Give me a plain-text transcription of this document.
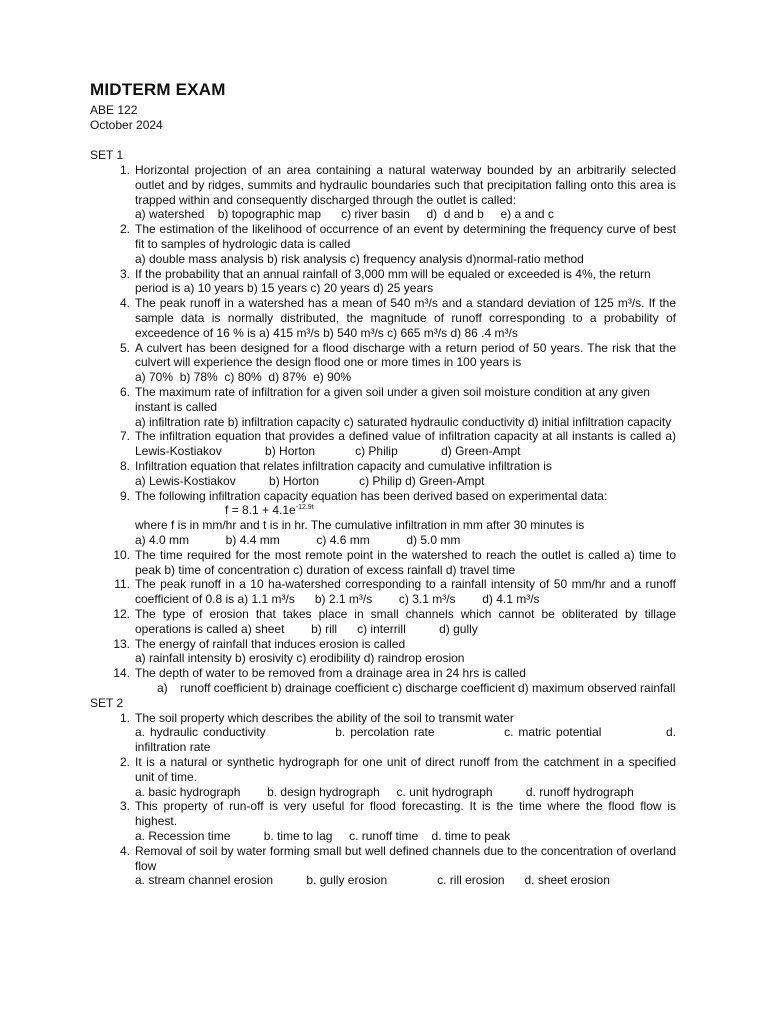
MIDTERM EXAM
ABE 122
October 2024
SET 1
1. Horizontal projection of an area containing a natural waterway bounded by an arbitrarily selected outlet and by ridges, summits and hydraulic boundaries such that precipitation falling onto this area is trapped within and consequently discharged through the outlet is called:
a) watershed    b) topographic map      c) river basin     d)  d and b     e) a and c
2. The estimation of the likelihood of occurrence of an event by determining the frequency curve of best fit to samples of hydrologic data is called
a) double mass analysis b) risk analysis c) frequency analysis d)normal-ratio method
3. If the probability that an annual rainfall of 3,000 mm will be equaled or exceeded is 4%, the return
period is a) 10 years b) 15 years c) 20 years d) 25 years
4. The peak runoff in a watershed has a mean of 540 m³/s and a standard deviation of 125 m³/s. If the sample data is normally distributed, the magnitude of runoff corresponding to a probability of exceedence of 16 % is a) 415 m³/s b) 540 m³/s c) 665 m³/s d) 86 .4 m³/s
5. A culvert has been designed for a flood discharge with a return period of 50 years. The risk that the culvert will experience the design flood one or more times in 100 years is
a) 70%  b) 78%  c) 80%  d) 87%  e) 90%
6. The maximum rate of infiltration for a given soil under a given soil moisture condition at any given
instant is called
a) infiltration rate b) infiltration capacity c) saturated hydraulic conductivity d) initial infiltration capacity
7. The infiltration equation that provides a defined value of infiltration capacity at all instants is called a) Lewis-Kostiakov             b) Horton            c) Philip             d) Green-Ampt
8. Infiltration equation that relates infiltration capacity and cumulative infiltration is
a) Lewis-Kostiakov          b) Horton            c) Philip d) Green-Ampt
9. The following infiltration capacity equation has been derived based on experimental data:
$f = 8.1 + 4.1e^{-12.9t}$
where f is in mm/hr and t is in hr. The cumulative infiltration in mm after 30 minutes is
a) 4.0 mm           b) 4.4 mm           c) 4.6 mm           d) 5.0 mm
10. The time required for the most remote point in the watershed to reach the outlet is called a) time to peak b) time of concentration c) duration of excess rainfall d) travel time
11. The peak runoff in a 10 ha-watershed corresponding to a rainfall intensity of 50 mm/hr and a runoff coefficient of 0.8 is a) 1.1 m³/s      b) 2.1 m³/s        c) 3.1 m³/s        d) 4.1 m³/s
12. The type of erosion that takes place in small channels which cannot be obliterated by tillage operations is called a) sheet        b) rill      c) interrill          d) gully
13. The energy of rainfall that induces erosion is called
a) rainfall intensity b) erosivity c) erodibility d) raindrop erosion
14. The depth of water to be removed from a drainage area in 24 hrs is called
a) runoff coefficient b) drainage coefficient c) discharge coefficient d) maximum observed rainfall
SET 2
1. The soil property which describes the ability of the soil to transmit water
a. hydraulic conductivity              b. percolation rate              c. matric potential             d.        infiltration rate
2. It is a natural or synthetic hydrograph for one unit of direct runoff from the catchment in a specified unit of time.
a. basic hydrograph        b. design hydrograph     c. unit hydrograph          d. runoff hydrograph
3. This property of run-off is very useful for flood forecasting. It is the time where the flood flow is highest.
a. Recession time          b. time to lag     c. runoff time    d. time to peak
4. Removal of soil by water forming small but well defined channels due to the concentration of overland flow
a. stream channel erosion          b. gully erosion               c. rill erosion      d. sheet erosion
